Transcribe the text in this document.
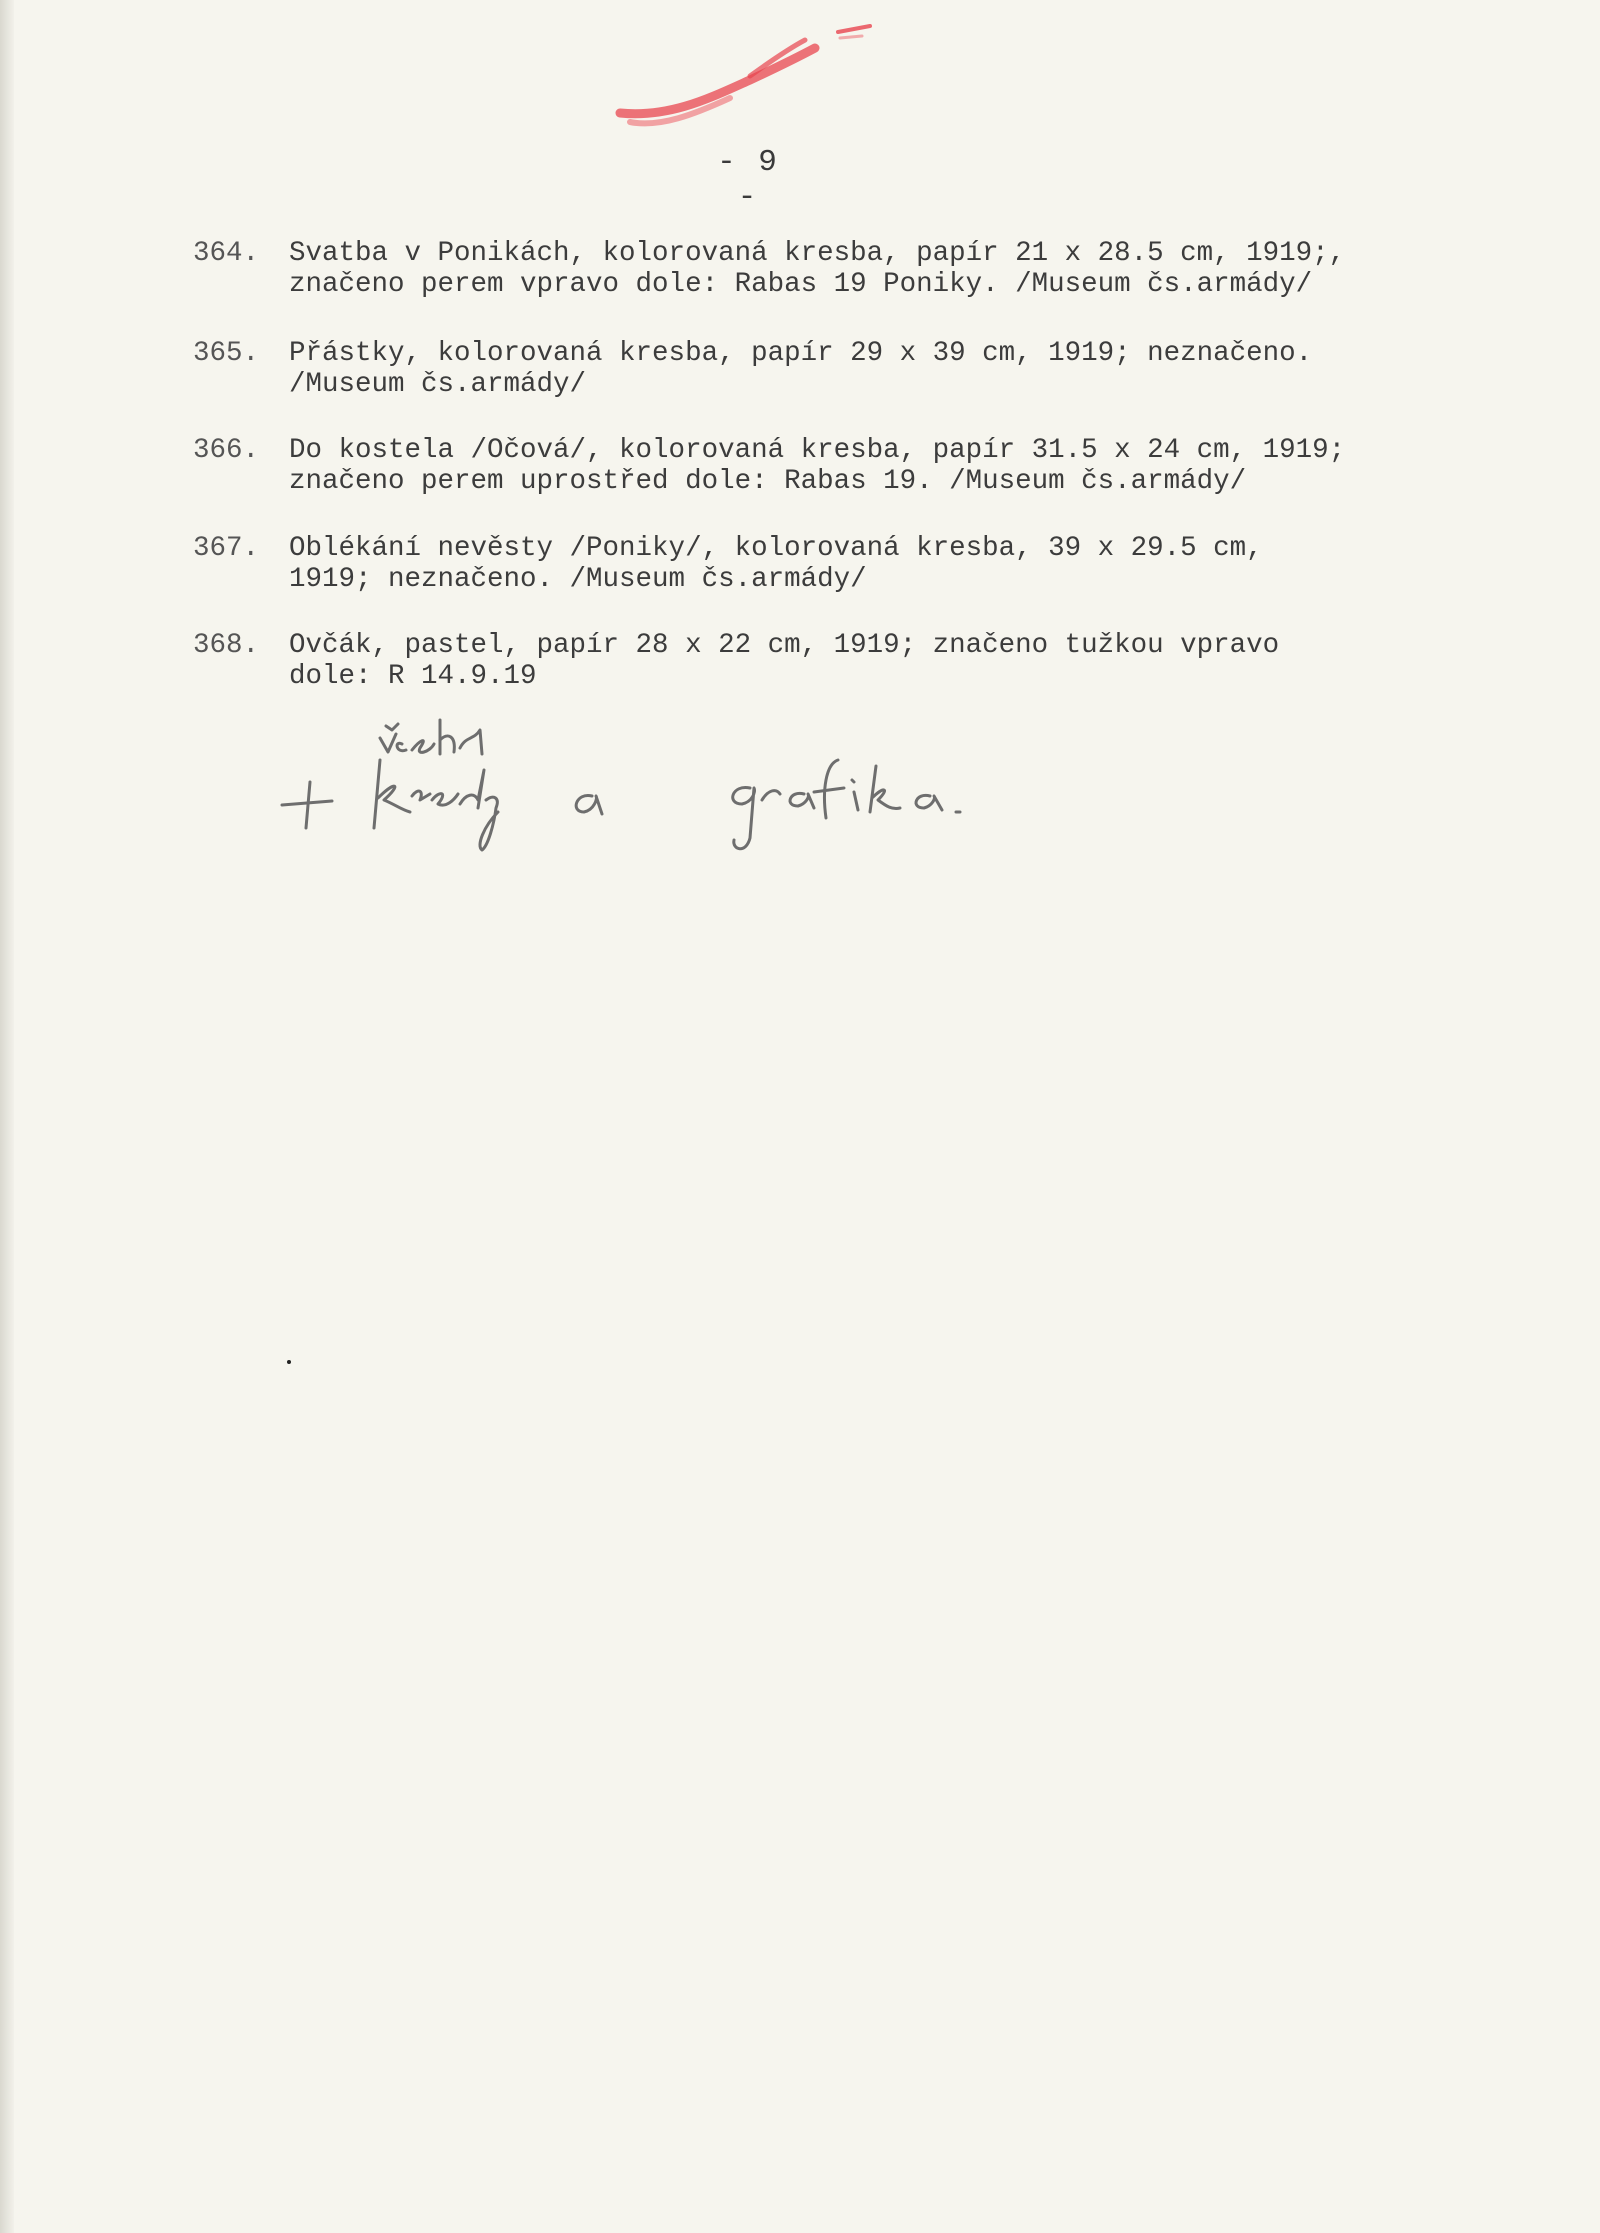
- 9 -
364. Svatba v Ponikách, kolorovaná kresba, papír 21 x 28.5 cm, 1919;,
značeno perem vpravo dole: Rabas 19 Poniky. /Museum čs.armády/
365. Přástky, kolorovaná kresba, papír 29 x 39 cm, 1919; neznačeno.
/Museum čs.armády/
366. Do kostela /Očová/, kolorovaná kresba, papír 31.5 x 24 cm, 1919;
značeno perem uprostřed dole: Rabas 19. /Museum čs.armády/
367. Oblékání nevěsty /Poniky/, kolorovaná kresba, 39 x 29.5 cm,
1919; neznačeno. /Museum čs.armády/
368. Ovčák, pastel, papír 28 x 22 cm, 1919; značeno tužkou vpravo
dole: R 14.9.19
